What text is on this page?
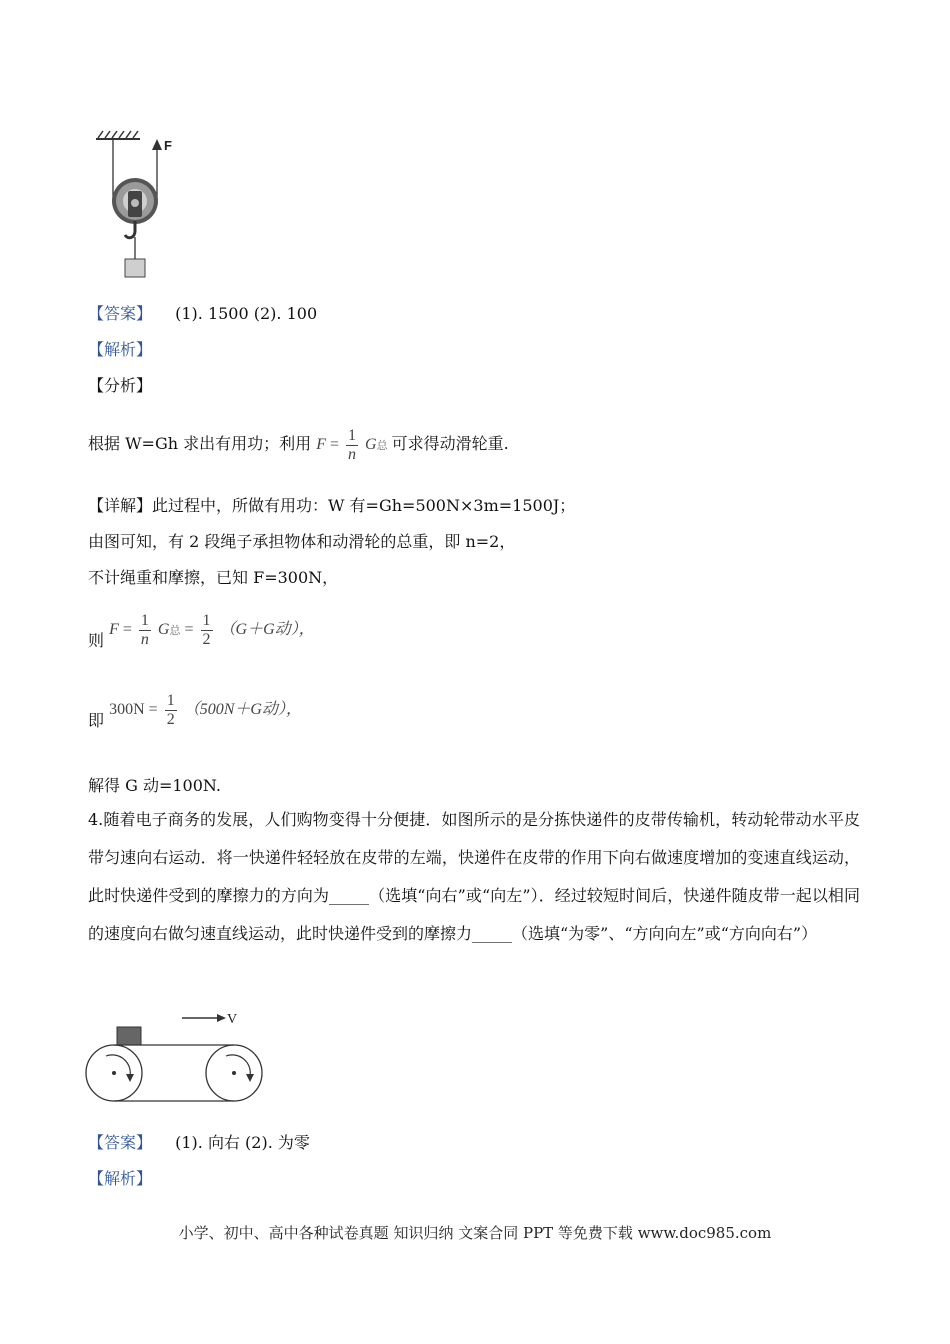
F
【答案】 (1). 1500 (2). 100
【解析】
【分析】
根据 W=Gh 求出有用功；利用 $F = \frac{1}{n}$ G总 可求得动滑轮重.
【详解】此过程中，所做有用功：W 有=Gh=500N×3m=1500J；
由图可知，有 2 段绳子承担物体和动滑轮的总重，即 n=2，
不计绳重和摩擦，已知 F=300N，
则 $F = \frac{1}{n}$ G总 = $\frac{1}{2} (G+G$动），
即 $300N = \frac{1}{2} (500N+G$动），
解得 G 动=100N.
4.随着电子商务的发展，人们购物变得十分便捷．如图所示的是分拣快递件的皮带传输机，转动轮带动水平皮带匀速向右运动．将一快递件轻轻放在皮带的左端，快递件在皮带的作用下向右做速度增加的变速直线运动，此时快递件受到的摩擦力的方向为_____（选填“向右”或“向左”）．经过较短时间后，快递件随皮带一起以相同的速度向右做匀速直线运动，此时快递件受到的摩擦力_____（选填“为零”、“方向向左”或“方向向右”）
V
【答案】 (1). 向右 (2). 为零
【解析】
小学、初中、高中各种试卷真题 知识归纳 文案合同 PPT 等免费下载 www.doc985.com
